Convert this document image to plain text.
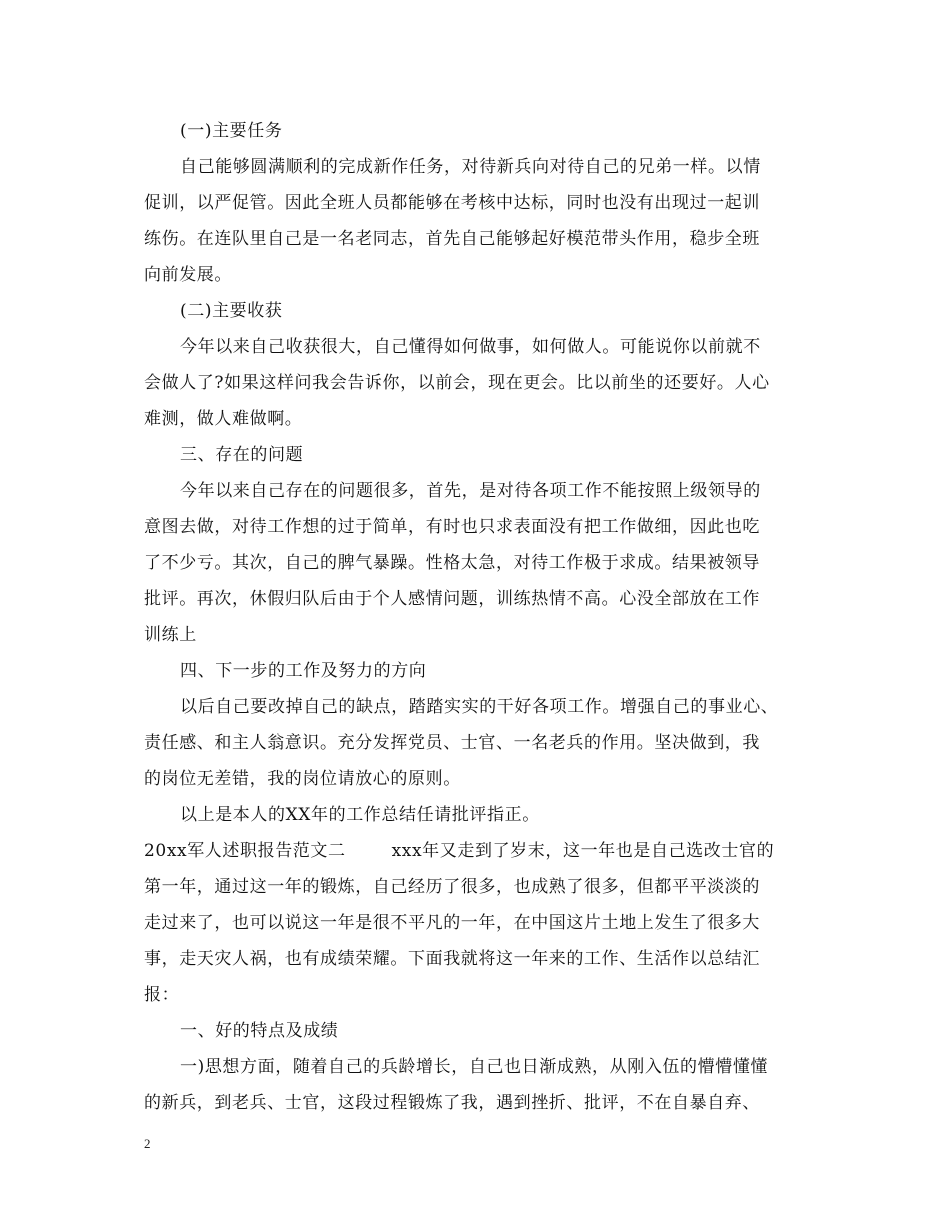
(一)主要任务
自己能够圆满顺利的完成新作任务，对待新兵向对待自己的兄弟一样。以情
促训，以严促管。因此全班人员都能够在考核中达标，同时也没有出现过一起训
练伤。在连队里自己是一名老同志，首先自己能够起好模范带头作用，稳步全班
向前发展。
(二)主要收获
今年以来自己收获很大，自己懂得如何做事，如何做人。可能说你以前就不
会做人了?如果这样问我会告诉你，以前会，现在更会。比以前坐的还要好。人心
难测，做人难做啊。
三、存在的问题
今年以来自己存在的问题很多，首先，是对待各项工作不能按照上级领导的
意图去做，对待工作想的过于简单，有时也只求表面没有把工作做细，因此也吃
了不少亏。其次，自己的脾气暴躁。性格太急，对待工作极于求成。结果被领导
批评。再次，休假归队后由于个人感情问题，训练热情不高。心没全部放在工作
训练上
四、下一步的工作及努力的方向
以后自己要改掉自己的缺点，踏踏实实的干好各项工作。增强自己的事业心、
责任感、和主人翁意识。充分发挥党员、士官、一名老兵的作用。坚决做到，我
的岗位无差错，我的岗位请放心的原则。
以上是本人的XX年的工作总结任请批评指正。
20xx军人述职报告范文二	xxx年又走到了岁末，这一年也是自己选改士官的
第一年，通过这一年的锻炼，自己经历了很多，也成熟了很多，但都平平淡淡的
走过来了，也可以说这一年是很不平凡的一年，在中国这片土地上发生了很多大
事，走天灾人祸，也有成绩荣耀。下面我就将这一年来的工作、生活作以总结汇
报：
一、好的特点及成绩
一)思想方面，随着自己的兵龄增长，自己也日渐成熟，从刚入伍的懵懵懂懂
的新兵，到老兵、士官，这段过程锻炼了我，遇到挫折、批评，不在自暴自弃、
2
